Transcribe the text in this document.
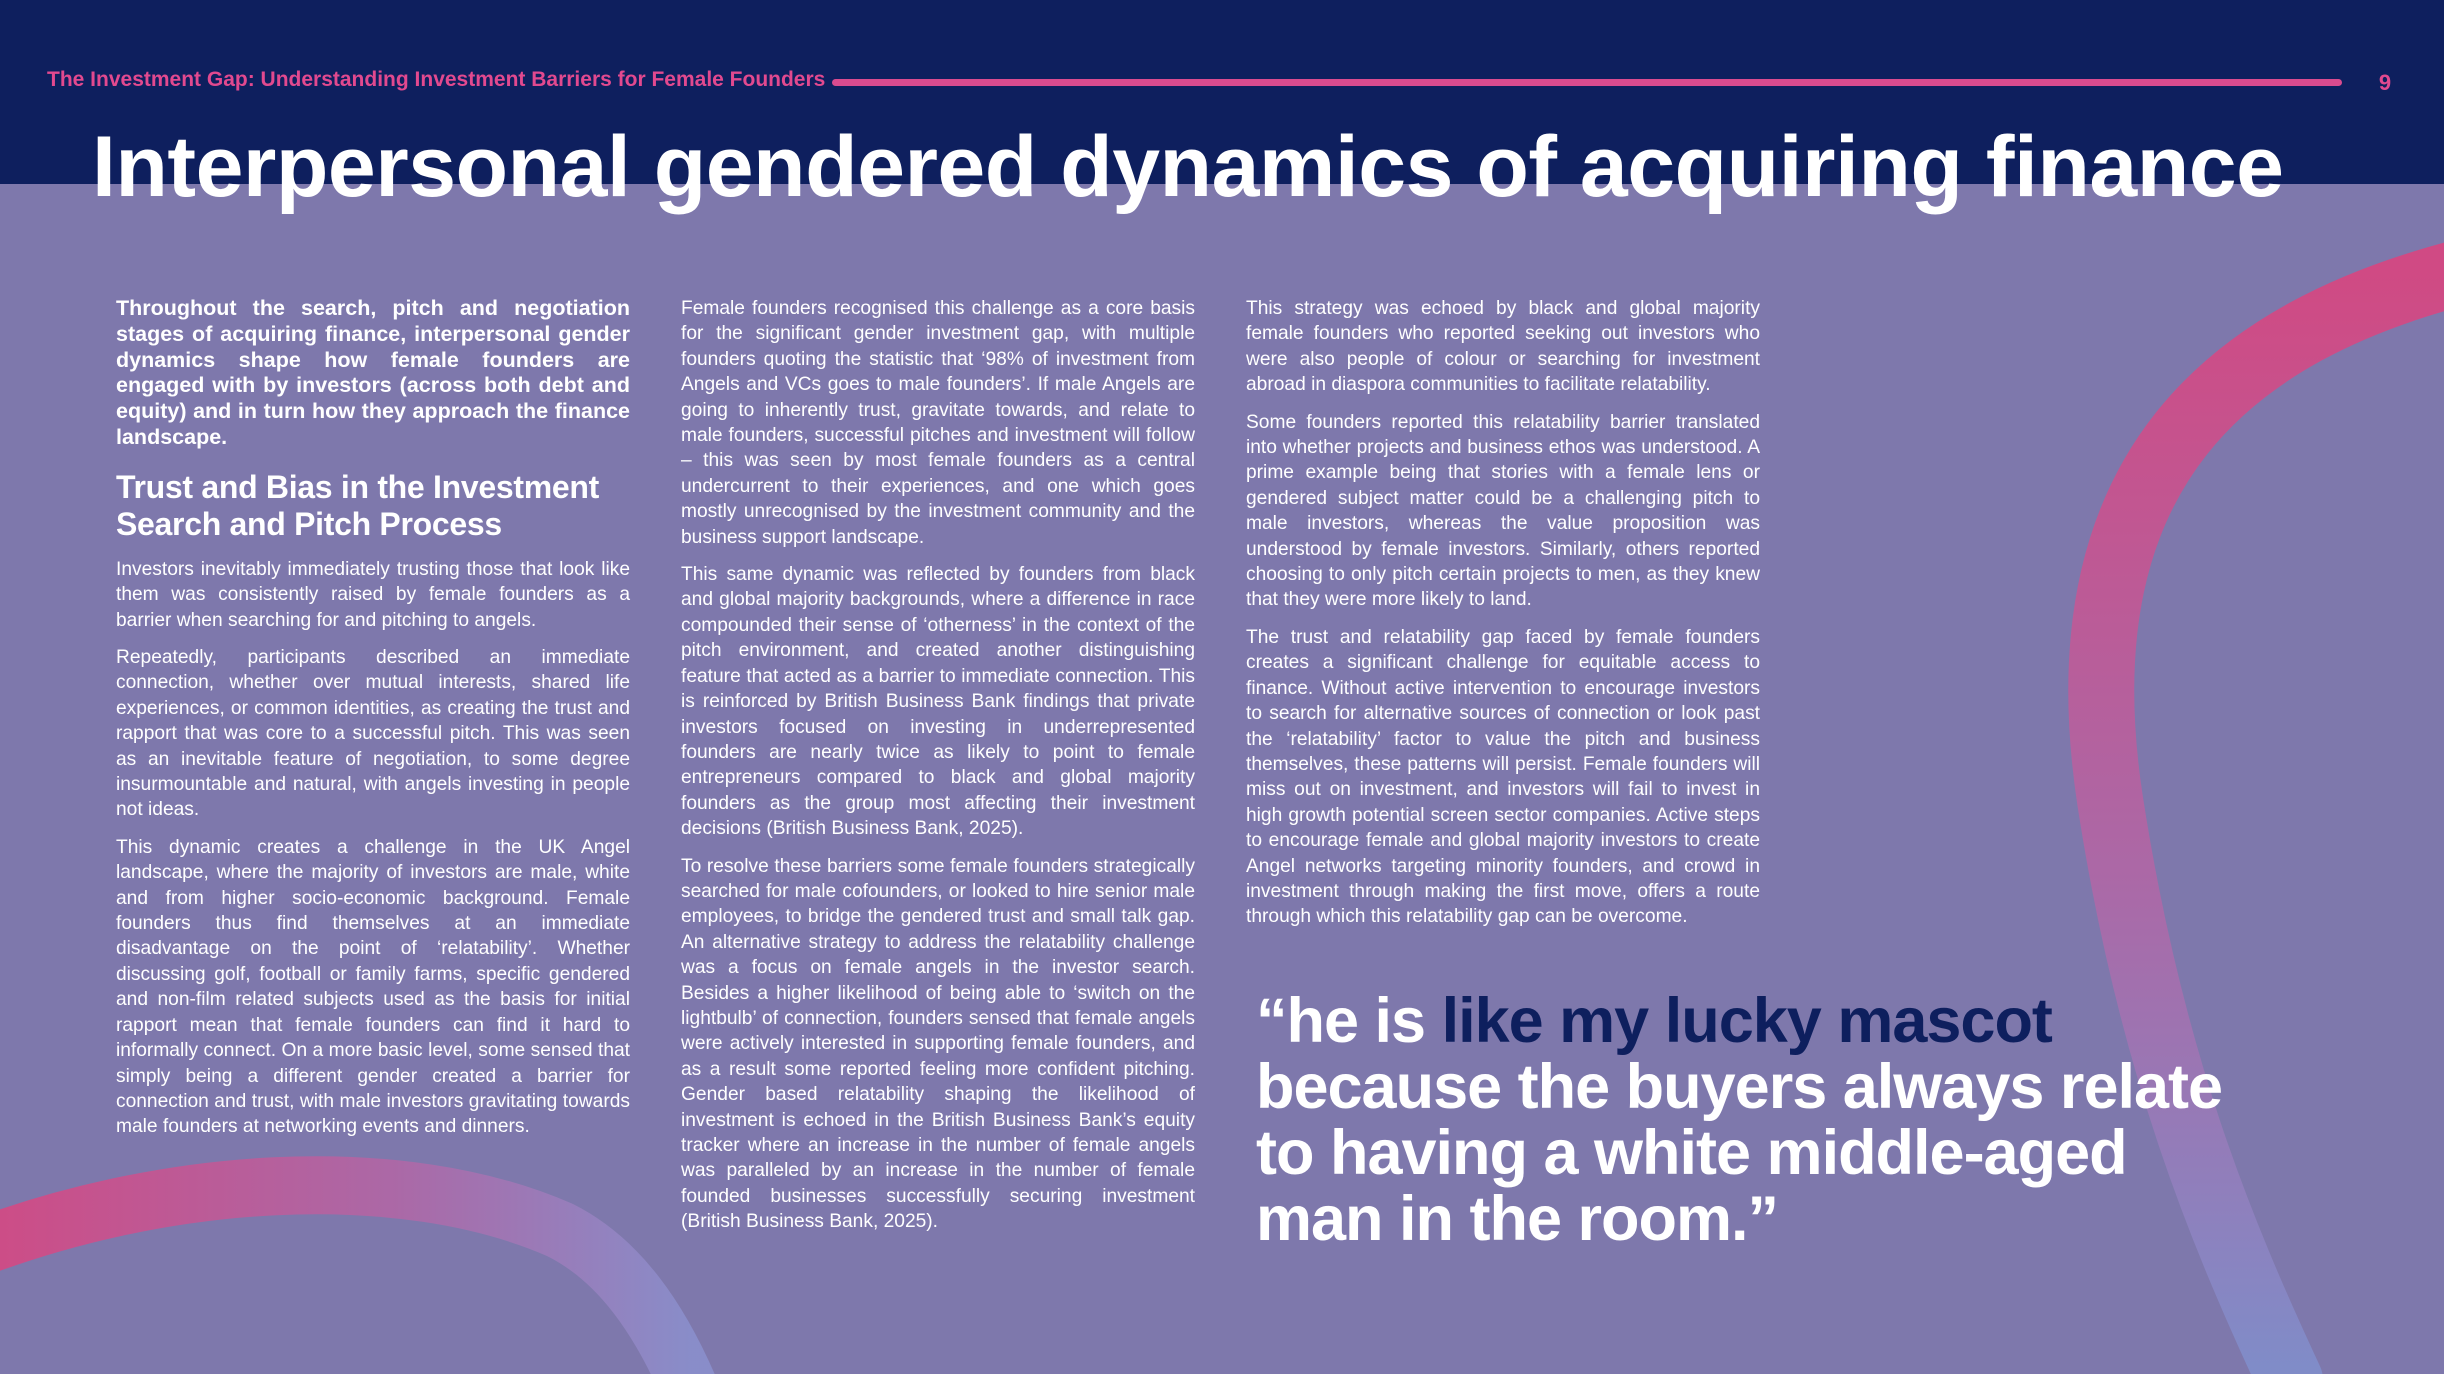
The Investment Gap: Understanding Investment Barriers for Female Founders	9
Interpersonal gendered dynamics of acquiring finance

Throughout the search, pitch and negotiation stages of acquiring finance, interpersonal gender dynamics shape how female founders are engaged with by investors (across both debt and equity) and in turn how they approach the finance landscape.

Trust and Bias in the Investment Search and Pitch Process

Investors inevitably immediately trusting those that look like them was consistently raised by female founders as a barrier when searching for and pitching to angels.

Repeatedly, participants described an immediate connection, whether over mutual interests, shared life experiences, or common identities, as creating the trust and rapport that was core to a successful pitch. This was seen as an inevitable feature of negotiation, to some degree insurmountable and natural, with angels investing in people not ideas.

This dynamic creates a challenge in the UK Angel landscape, where the majority of investors are male, white and from higher socio-economic background. Female founders thus find themselves at an immediate disadvantage on the point of ‘relatability’. Whether discussing golf, football or family farms, specific gendered and non-film related subjects used as the basis for initial rapport mean that female founders can find it hard to informally connect. On a more basic level, some sensed that simply being a different gender created a barrier for connection and trust, with male investors gravitating towards male founders at networking events and dinners.

Female founders recognised this challenge as a core basis for the significant gender investment gap, with multiple founders quoting the statistic that ‘98% of investment from Angels and VCs goes to male founders’. If male Angels are going to inherently trust, gravitate towards, and relate to male founders, successful pitches and investment will follow – this was seen by most female founders as a central undercurrent to their experiences, and one which goes mostly unrecognised by the investment community and the business support landscape.

This same dynamic was reflected by founders from black and global majority backgrounds, where a difference in race compounded their sense of ‘otherness’ in the context of the pitch environment, and created another distinguishing feature that acted as a barrier to immediate connection. This is reinforced by British Business Bank findings that private investors focused on investing in underrepresented founders are nearly twice as likely to point to female entrepreneurs compared to black and global majority founders as the group most affecting their investment decisions (British Business Bank, 2025).

To resolve these barriers some female founders strategically searched for male cofounders, or looked to hire senior male employees, to bridge the gendered trust and small talk gap. An alternative strategy to address the relatability challenge was a focus on female angels in the investor search. Besides a higher likelihood of being able to ‘switch on the lightbulb’ of connection, founders sensed that female angels were actively interested in supporting female founders, and as a result some reported feeling more confident pitching. Gender based relatability shaping the likelihood of investment is echoed in the British Business Bank’s equity tracker where an increase in the number of female angels was paralleled by an increase in the number of female founded businesses successfully securing investment (British Business Bank, 2025).

This strategy was echoed by black and global majority female founders who reported seeking out investors who were also people of colour or searching for investment abroad in diaspora communities to facilitate relatability.

Some founders reported this relatability barrier translated into whether projects and business ethos was understood. A prime example being that stories with a female lens or gendered subject matter could be a challenging pitch to male investors, whereas the value proposition was understood by female investors. Similarly, others reported choosing to only pitch certain projects to men, as they knew that they were more likely to land.

The trust and relatability gap faced by female founders creates a significant challenge for equitable access to finance. Without active intervention to encourage investors to search for alternative sources of connection or look past the ‘relatability’ factor to value the pitch and business themselves, these patterns will persist. Female founders will miss out on investment, and investors will fail to invest in high growth potential screen sector companies. Active steps to encourage female and global majority investors to create Angel networks targeting minority founders, and crowd in investment through making the first move, offers a route through which this relatability gap can be overcome.

“he is like my lucky mascot because the buyers always relate to having a white middle-aged man in the room.”
